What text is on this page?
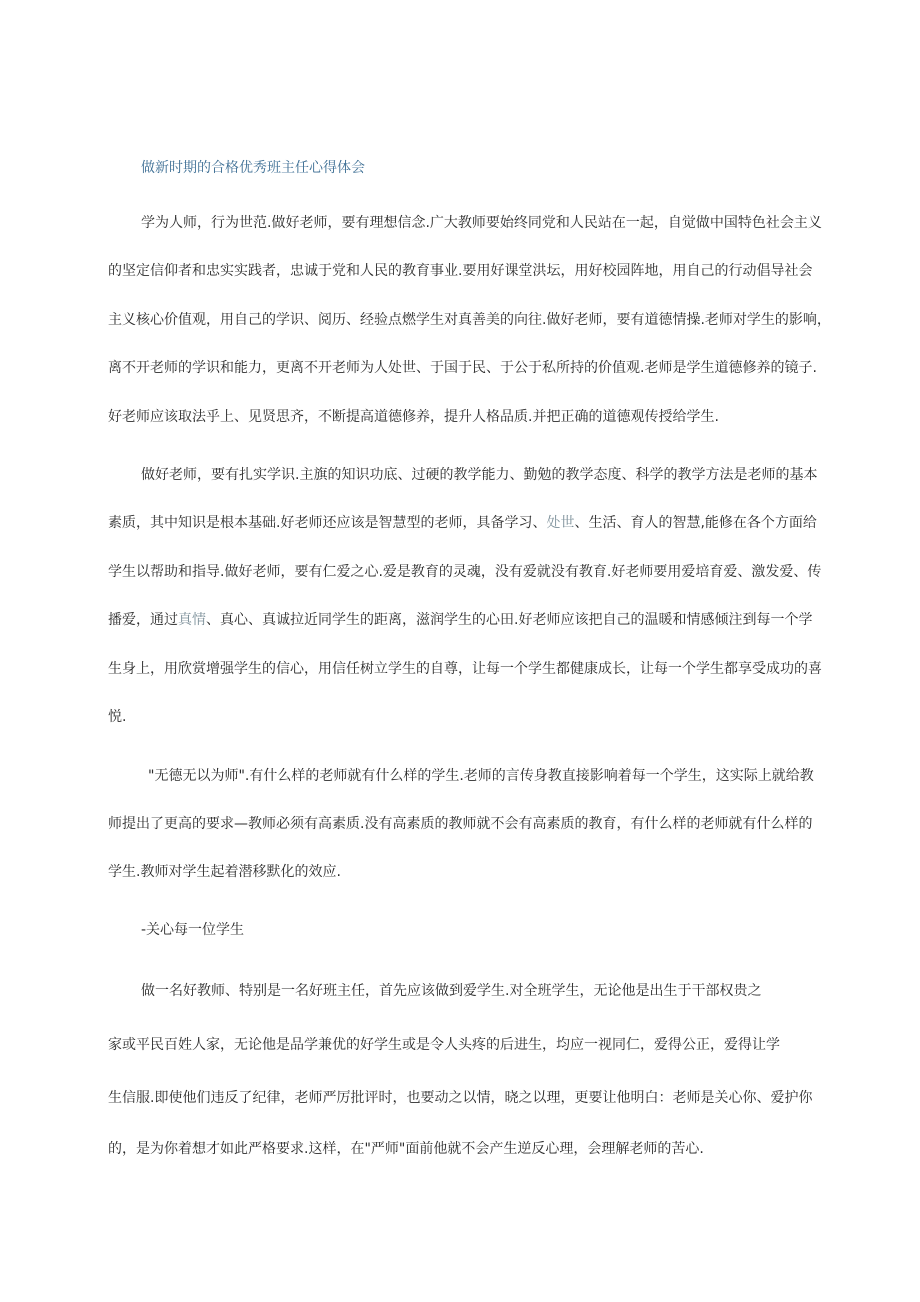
做新时期的合格优秀班主任心得体会
学为人师，行为世范.做好老师，要有理想信念.广大教师要始终同党和人民站在一起，自觉做中国特色社会主义
的坚定信仰者和忠实实践者，忠诚于党和人民的教育事业.要用好课堂洪坛，用好校园阵地，用自己的行动倡导社会
主义核心价值观，用自己的学识、阅历、经验点燃学生对真善美的向往.做好老师，要有道德情操.老师对学生的影响，
离不开老师的学识和能力，更离不开老师为人处世、于国于民、于公于私所持的价值观.老师是学生道德修养的镜子.
好老师应该取法乎上、见贤思齐，不断提高道德修养，提升人格品质.并把正确的道德观传授给学生.
做好老师，要有扎实学识.主旗的知识功底、过硬的教学能力、勤勉的教学态度、科学的教学方法是老师的基本
素质，其中知识是根本基础.好老师还应该是智慧型的老师，具备学习、处世、生活、育人的智慧,能修在各个方面给
学生以帮助和指导.做好老师，要有仁爱之心.爱是教育的灵魂，没有爱就没有教育.好老师要用爱培育爱、激发爱、传
播爱，通过真情、真心、真诚拉近同学生的距离，滋润学生的心田.好老师应该把自己的温暖和情感倾注到每一个学
生身上，用欣赏增强学生的信心，用信任树立学生的自尊，让每一个学生都健康成长，让每一个学生都享受成功的喜
悦.
"无德无以为师".有什么样的老师就有什么样的学生.老师的言传身教直接影响着每一个学生，这实际上就给教
师提出了更高的要求—教师必须有高素质.没有高素质的教师就不会有高素质的教育，有什么样的老师就有什么样的
学生.教师对学生起着潜移默化的效应.
-关心每一位学生
做一名好教师、特别是一名好班主任，首先应该做到爱学生.对全班学生，无论他是出生于干部权贵之
家或平民百姓人家，无论他是品学兼优的好学生或是令人头疼的后进生，均应一视同仁，爱得公正，爱得让学
生信服.即使他们违反了纪律，老师严厉批评时，也要动之以情，晓之以理，更要让他明白：老师是关心你、爱护你
的，是为你着想才如此严格要求.这样，在"严师"面前他就不会产生逆反心理，会理解老师的苦心.
